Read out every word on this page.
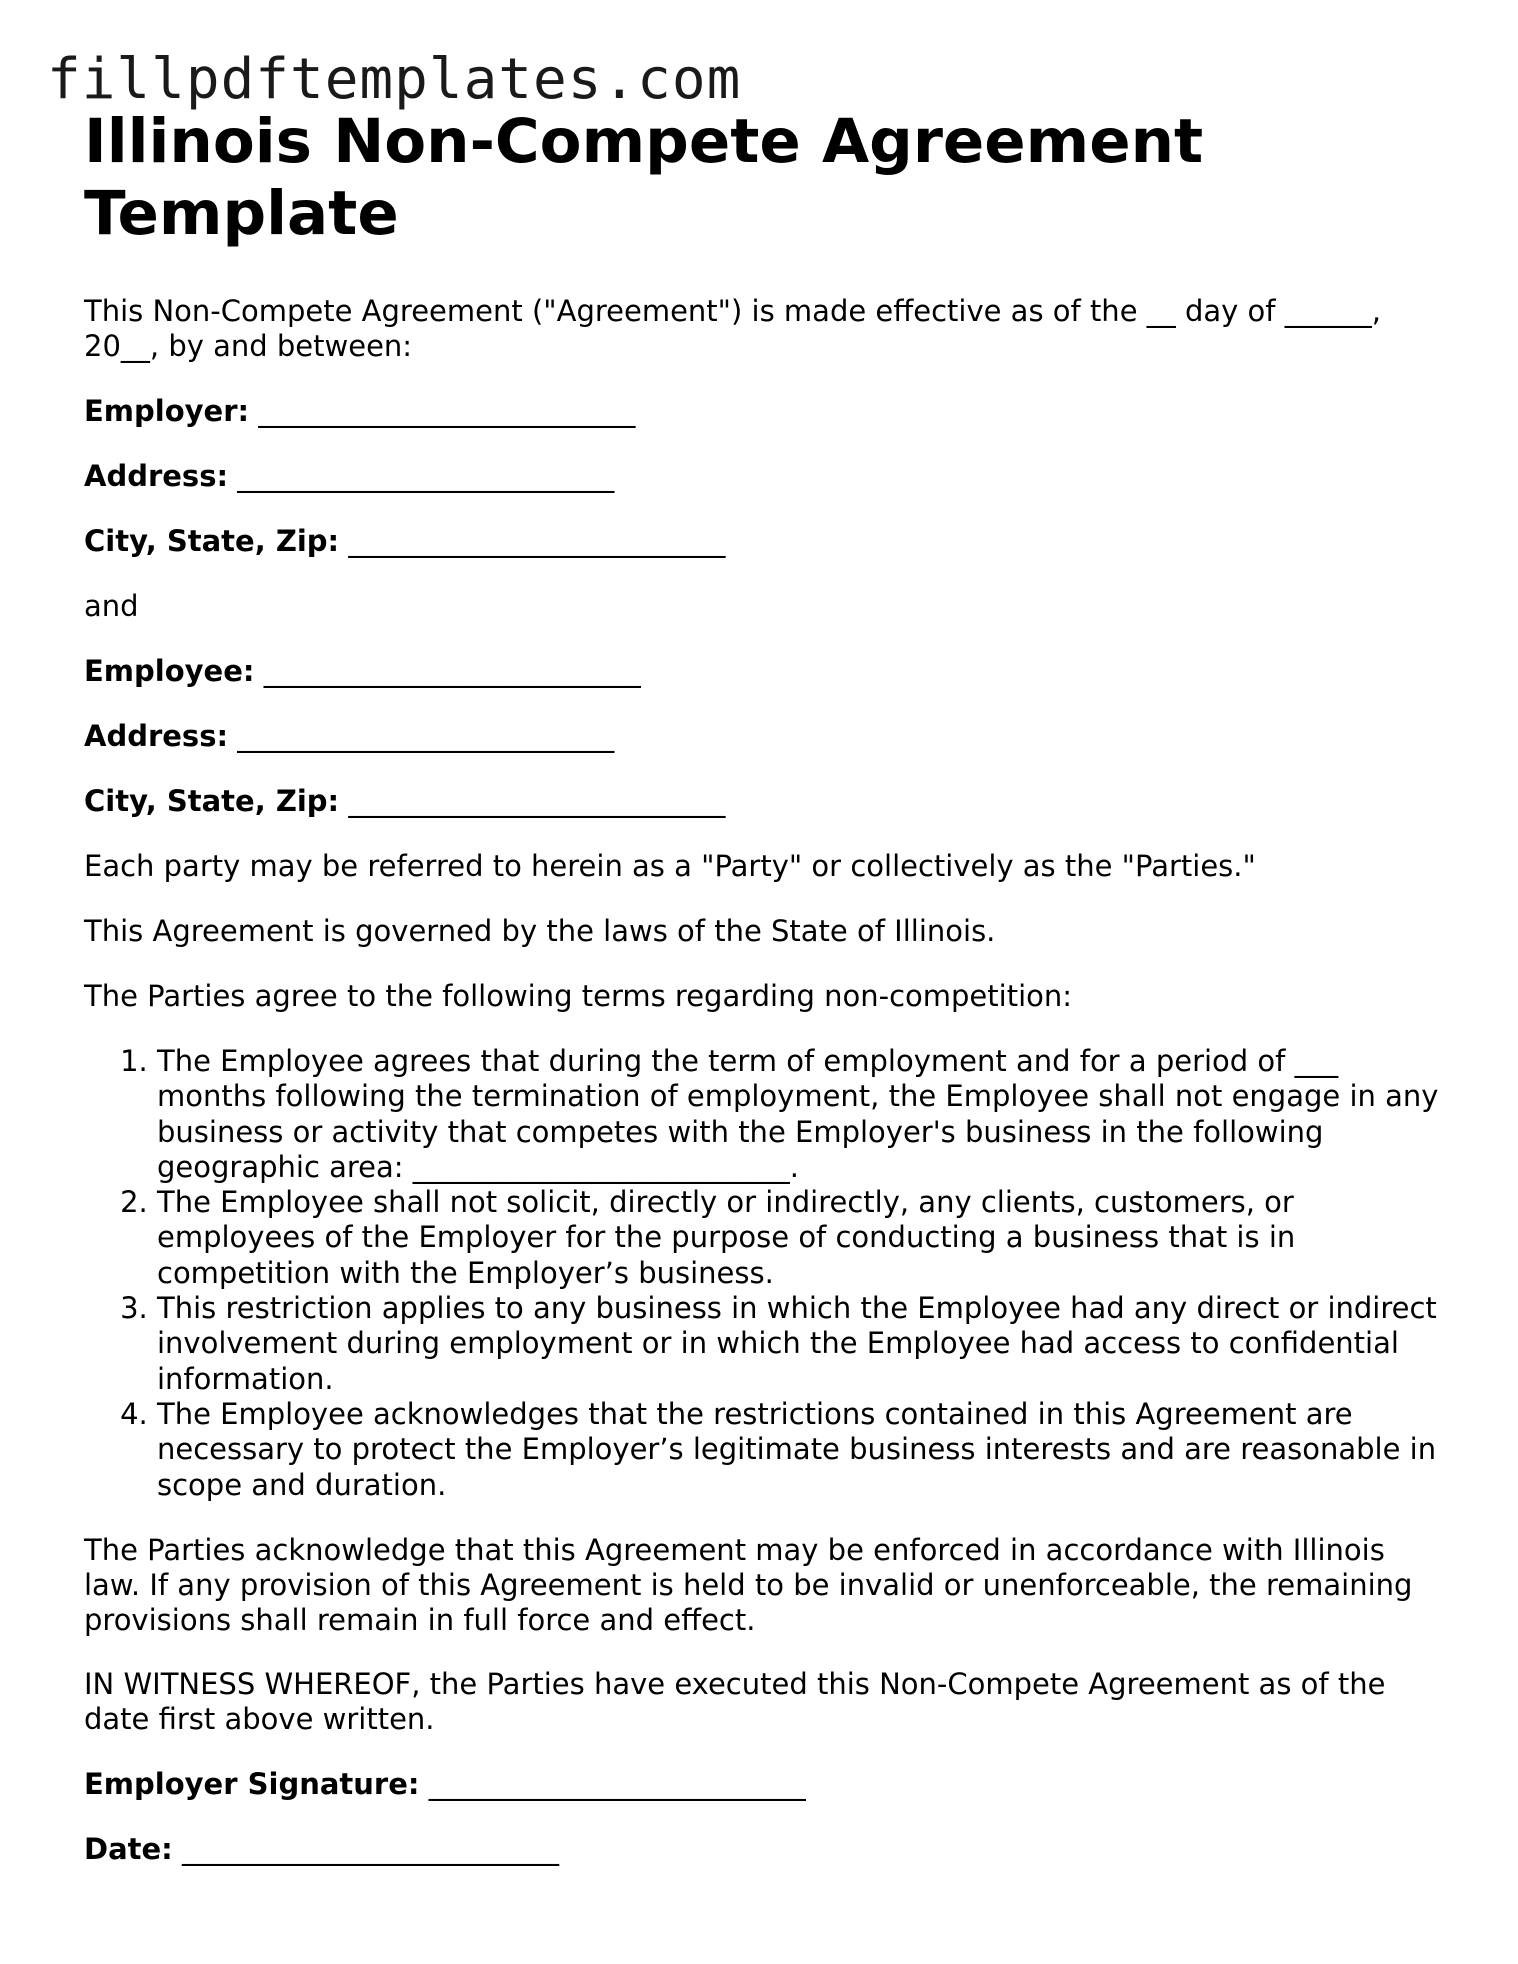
fillpdftemplates.com
Illinois Non-Compete Agreement Template

This Non-Compete Agreement ("Agreement") is made effective as of the __ day of ______, 20__, by and between:

Employer: __________________________

Address: __________________________

City, State, Zip: __________________________

and

Employee: __________________________

Address: __________________________

City, State, Zip: __________________________

Each party may be referred to herein as a "Party" or collectively as the "Parties."

This Agreement is governed by the laws of the State of Illinois.

The Parties agree to the following terms regarding non-competition:

1. The Employee agrees that during the term of employment and for a period of ___ months following the termination of employment, the Employee shall not engage in any business or activity that competes with the Employer's business in the following geographic area: __________________________.
2. The Employee shall not solicit, directly or indirectly, any clients, customers, or employees of the Employer for the purpose of conducting a business that is in competition with the Employer’s business.
3. This restriction applies to any business in which the Employee had any direct or indirect involvement during employment or in which the Employee had access to confidential information.
4. The Employee acknowledges that the restrictions contained in this Agreement are necessary to protect the Employer’s legitimate business interests and are reasonable in scope and duration.

The Parties acknowledge that this Agreement may be enforced in accordance with Illinois law. If any provision of this Agreement is held to be invalid or unenforceable, the remaining provisions shall remain in full force and effect.

IN WITNESS WHEREOF, the Parties have executed this Non-Compete Agreement as of the date first above written.

Employer Signature: __________________________

Date: __________________________
